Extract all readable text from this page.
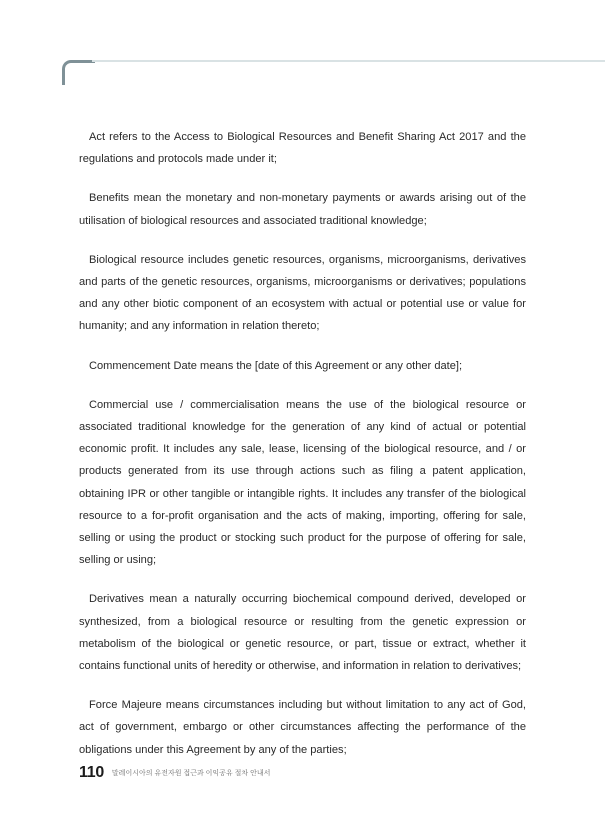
Act refers to the Access to Biological Resources and Benefit Sharing Act 2017 and the regulations and protocols made under it;

Benefits mean the monetary and non-monetary payments or awards arising out of the utilisation of biological resources and associated traditional knowledge;

Biological resource includes genetic resources, organisms, microorganisms, derivatives and parts of the genetic resources, organisms, microorganisms or derivatives; populations and any other biotic component of an ecosystem with actual or potential use or value for humanity; and any information in relation thereto;

Commencement Date means the [date of this Agreement or any other date];

Commercial use / commercialisation means the use of the biological resource or associated traditional knowledge for the generation of any kind of actual or potential economic profit. It includes any sale, lease, licensing of the biological resource, and / or products generated from its use through actions such as filing a patent application, obtaining IPR or other tangible or intangible rights. It includes any transfer of the biological resource to a for-profit organisation and the acts of making, importing, offering for sale, selling or using the product or stocking such product for the purpose of offering for sale, selling or using;

Derivatives mean a naturally occurring biochemical compound derived, developed or synthesized, from a biological resource or resulting from the genetic expression or metabolism of the biological or genetic resource, or part, tissue or extract, whether it contains functional units of heredity or otherwise, and information in relation to derivatives;

Force Majeure means circumstances including but without limitation to any act of God, act of government, embargo or other circumstances affecting the performance of the obligations under this Agreement by any of the parties;

110 말레이시아의 유전자원 접근과 이익공유 절차 안내서
